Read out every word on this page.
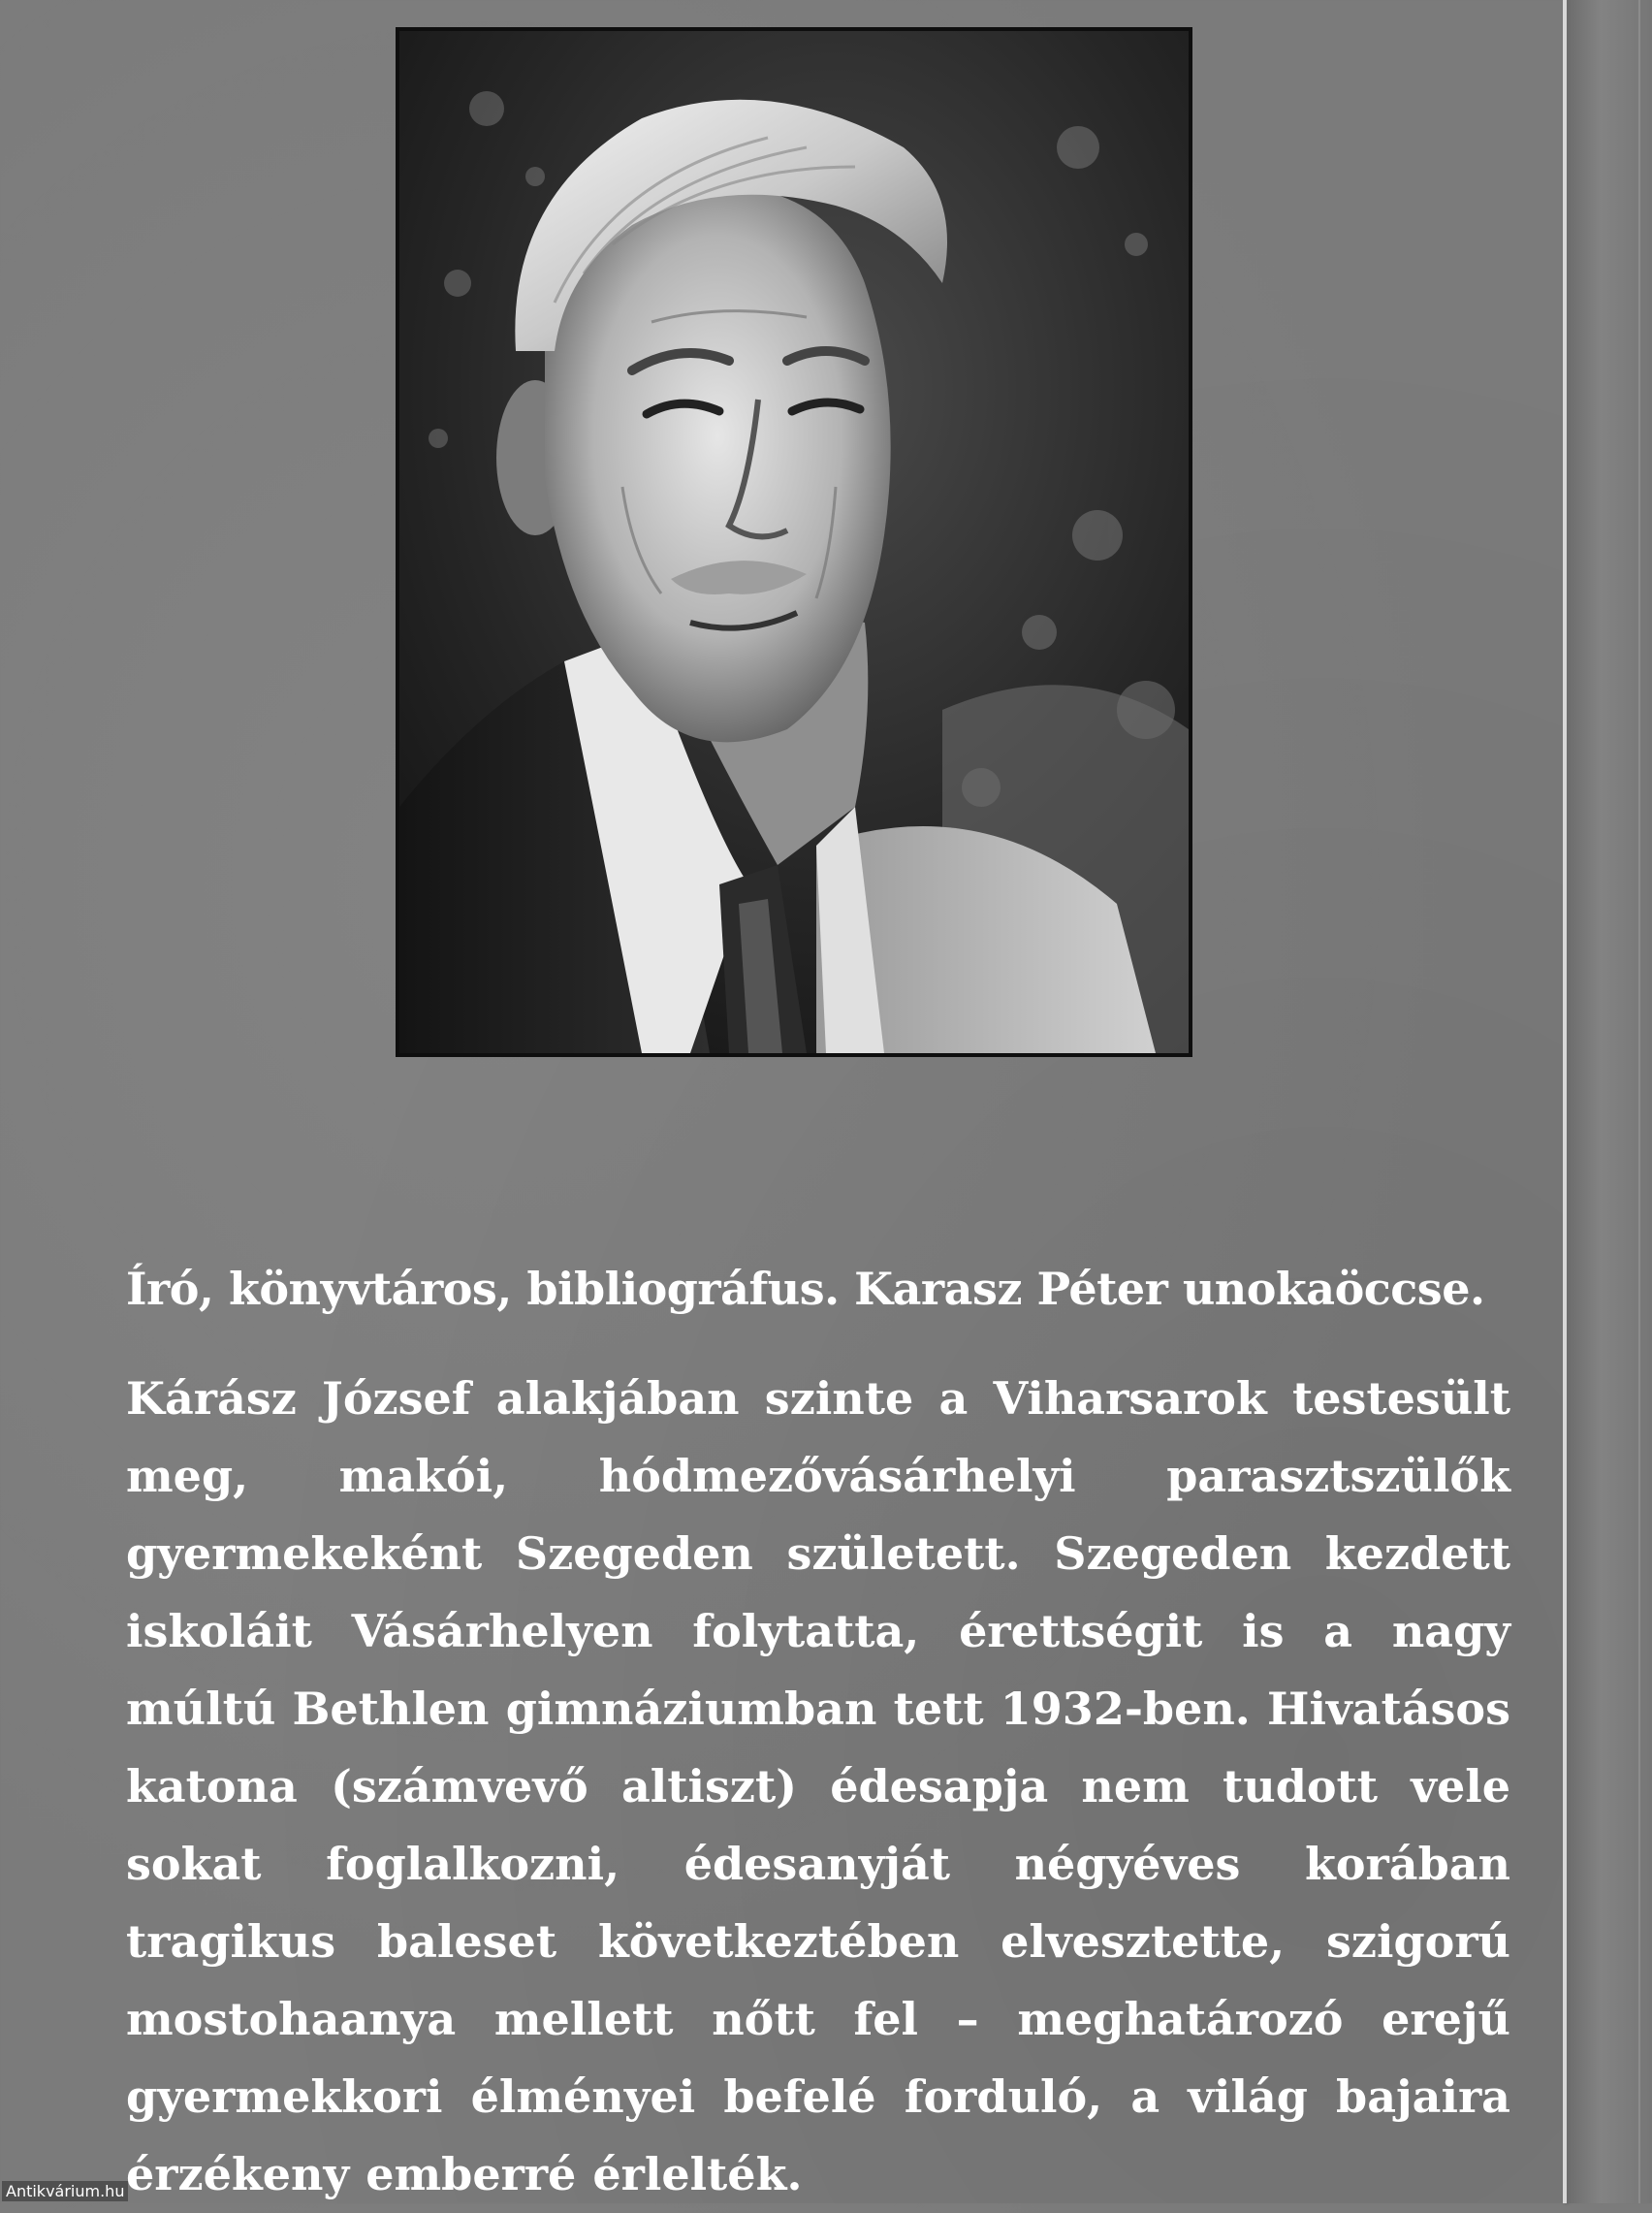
Író, könyvtáros, bibliográfus. Karasz Péter unokaöccse.

Kárász József alakjában szinte a Viharsarok testesült meg, makói, hódmezővásárhelyi parasztszülők gyermekeként Szegeden született. Szegeden kezdett iskoláit Vásárhelyen folytatta, érettségit is a nagy múltú Bethlen gimnáziumban tett 1932-ben. Hivatásos katona (számvevő altiszt) édesapja nem tudott vele sokat foglalkozni, édesanyját négyéves korában tragikus baleset következtében elvesztette, szigorú mostohaanya mellett nőtt fel – meghatározó erejű gyermekkori élményei befelé forduló, a világ bajaira érzékeny emberré érlelték.

Antikvárium.hu
